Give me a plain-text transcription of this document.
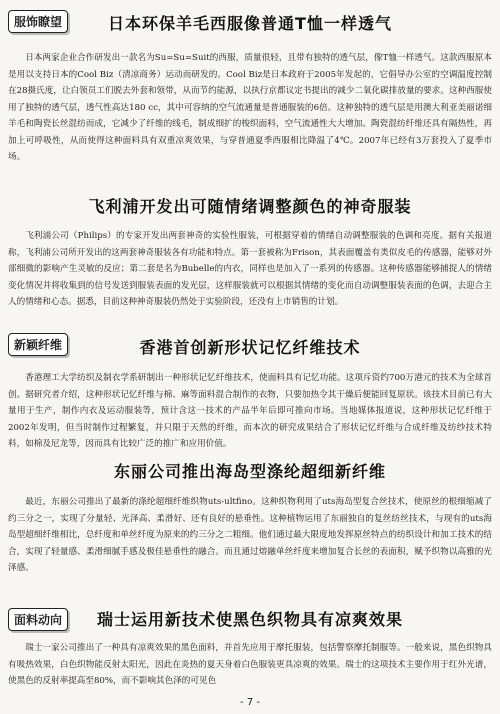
服饰瞭望	日本环保羊毛西服像普通T恤一样透气

日本两家企业合作研发出一款名为Su=Su=Suit的西服，质量很轻，且带有独特的透气层，像T恤一样透气。这款西服原本是用以支持日本的Cool Biz（清凉商务）运动而研发的。Cool Biz是日本政府于2005年发起的，它倡导办公室的空调温度控制在28摄氏度，让白领员工们脱去外套和领带，从而节约能源，以执行京都议定书提出的减少二氧化碳排放量的要求。这种西服使用了独特的透气层，透气性高达180 cc，其中可容纳的空气流通量是普通服装的6倍。这种独特的透气层是用澳大利亚美丽诺细羊毛和陶瓷长丝混纺而成，它减少了纤维的线毛，制成细扩的梭织面料，空气流通性大大增加。陶瓷混纺纤维还具有隔热性，再加上可呼吸性，从而使得这种面料具有双重凉爽效果，与穿普通夏季西服相比降温了4℃。2007年已经有3万套投入了夏季市场。

飞利浦开发出可随情绪调整颜色的神奇服装

飞利浦公司（Philips）的专家开发出两套神奇的实验性服装，可根据穿着的情绪自动调整服装的色调和亮度。据有关报道称，飞利浦公司所开发出的这两套神奇服装各有功能和特点。第一套被称为Frison，其表面覆盖有类似皮毛的传感器，能够对外部细微的影响产生灵敏的反应；第二套是名为Bubelle的内衣，同样也是加入了一系列的传感器。这种传感器能够捕捉人的情绪变化情况并将收集到的信号发送到服装表面的发光层，这样服装就可以根据其情绪的变化而自动调整服装表面的色调，去迎合主人的情绪和心态。据悉，目前这种神奇服装仍然处于实验阶段，还没有上市销售的计划。

新颖纤维	香港首创新形状记忆纤维技术

香港理工大学纺织及制衣学系研制出一种形状记忆纤维技术，使面料具有记忆功能。这项斥资约700万港元的技术为全球首创。据研究者介绍，这种形状记忆纤维与棉、麻等面料混合制作的衣物，只要加热令其干燥后便能回复原状。该技术目前已有大量用于生产，制作内衣及运动服装等，预计含这一技术的产品半年后即可推向市场。当地媒体报道说，这种形状记忆纤维于2002年发明，但当时制作过程繁复，并只限于天然的纤维，而本次的研究成果结合了形状记忆纤维与合成纤维及纺纱技术特料，如棉及尼龙等，因而具有比较广泛的推广和应用价值。

东丽公司推出海岛型涤纶超细新纤维

最近，东丽公司推出了最新的涤纶超细纤维织物uts-ultfino。这种织物利用了uts海岛型复合丝技术，使原丝的根细缩减了约三分之一，实现了分量轻、光泽高、柔滑好、还有良好的悬垂性。这种植物运用了东丽独自的复丝纺丝技术，与现有的uts海岛型超细纤维相比，总纤度和单丝纤度为原来的约三分之二粗细。他们通过最大限度地发挥原丝特点的纺织设计和加工技术的结合，实现了轻量感、柔滑细腻手感及极佳悬垂性的融合。而且通过熔融单丝纤度来增加复合长丝的表面积，赋予织物以高雅的光泽感。

面料动向	瑞士运用新技术使黑色织物具有凉爽效果

瑞士一家公司推出了一种具有凉爽效果的黑色面料，并首先应用于摩托服装，包括警察摩托制服等。一般来说，黑色织物具有吸热效果，白色织物能反射太阳光，因此在炎热的夏天身着白色服装更具凉爽的效果。瑞士的这项技术主要作用于红外光谱，使黑色的反射率提高至80%，而不影响其色泽的可见色

- 7 -
